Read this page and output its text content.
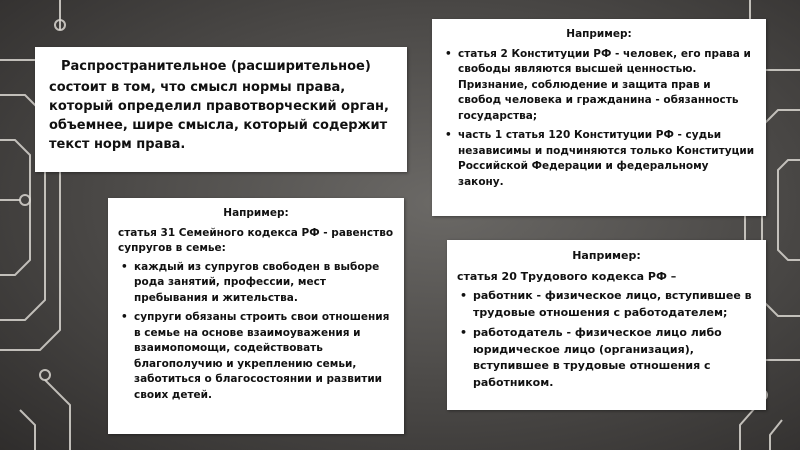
Распространительное (расширительное)
состоит в том, что смысл нормы права, который определил правотворческий орган, объемнее, шире смысла, который содержит текст норм права.
Например:
• статья 2 Конституции РФ - человек, его права и свободы являются высшей ценностью. Признание, соблюдение и защита прав и свобод человека и гражданина - обязанность государства;
• часть 1 статья 120 Конституции РФ - судьи независимы и подчиняются только Конституции Российской Федерации и федеральному закону.
Например:
статья 31 Семейного кодекса РФ - равенство супругов в семье:
• каждый из супругов свободен в выборе рода занятий, профессии, мест пребывания и жительства.
• супруги обязаны строить свои отношения в семье на основе взаимоуважения и взаимопомощи, содействовать благополучию и укреплению семьи, заботиться о благосостоянии и развитии своих детей.
Например:
статья 20 Трудового кодекса РФ –
• работник - физическое лицо, вступившее в трудовые отношения с работодателем;
• работодатель - физическое лицо либо юридическое лицо (организация), вступившее в трудовые отношения с работником.
